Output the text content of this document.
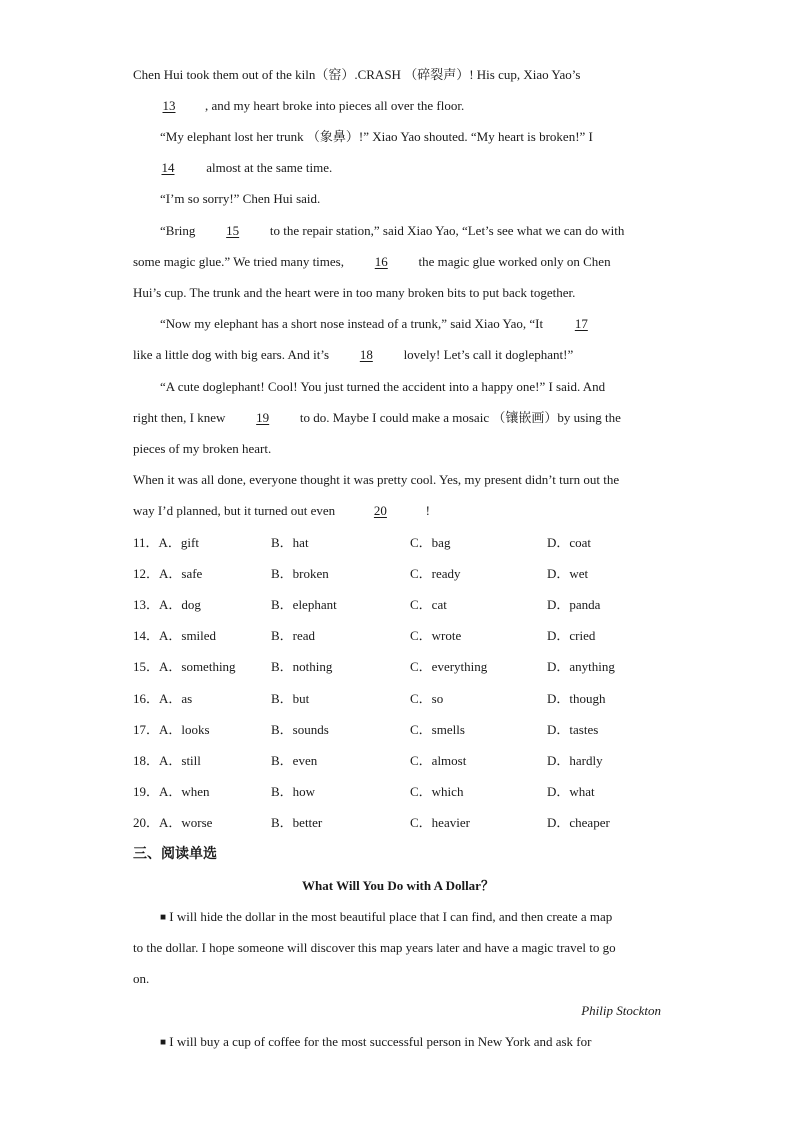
Chen Hui took them out of the kiln（窑）.CRASH （碎裂声）! His cup, Xiao Yao’s
13 , and my heart broke into pieces all over the floor.
“My elephant lost her trunk （象鼻）!” Xiao Yao shouted. “My heart is broken!” I
14 almost at the same time.
“I’m so sorry!” Chen Hui said.
“Bring 15 to the repair station,” said Xiao Yao, “Let’s see what we can do with
some magic glue.” We tried many times, 16 the magic glue worked only on Chen
Hui’s cup. The trunk and the heart were in too many broken bits to put back together.
“Now my elephant has a short nose instead of a trunk,” said Xiao Yao, “It 17
like a little dog with big ears. And it’s 18 lovely! Let’s call it doglephant!”
“A cute doglephant! Cool! You just turned the accident into a happy one!” I said. And
right then, I knew 19 to do. Maybe I could make a mosaic （镶嵌画）by using the
pieces of my broken heart.
When it was all done, everyone thought it was pretty cool. Yes, my present didn’t turn out the
way I’d planned, but it turned out even	20	!
11．A．gift	B．hat	C．bag	D．coat
12．A．safe	B．broken	C．ready	D．wet
13．A．dog	B．elephant	C．cat	D．panda
14．A．smiled	B．read	C．wrote	D．cried
15．A．something	B．nothing	C．everything	D．anything
16．A．as	B．but	C．so	D．though
17．A．looks	B．sounds	C．smells	D．tastes
18．A．still	B．even	C．almost	D．hardly
19．A．when	B．how	C．which	D．what
20．A．worse	B．better	C．heavier	D．cheaper
三、阅读单选
What Will You Do with A Dollar？
■ I will hide the dollar in the most beautiful place that I can find, and then create a map
to the dollar. I hope someone will discover this map years later and have a magic travel to go
on.
Philip Stockton
■ I will buy a cup of coffee for the most successful person in New York and ask for
